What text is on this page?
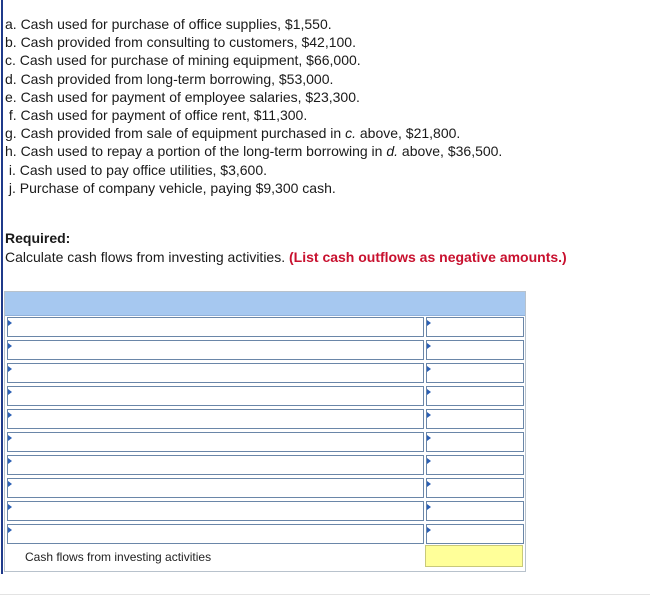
a. Cash used for purchase of office supplies, $1,550.
b. Cash provided from consulting to customers, $42,100.
c. Cash used for purchase of mining equipment, $66,000.
d. Cash provided from long-term borrowing, $53,000.
e. Cash used for payment of employee salaries, $23,300.
f. Cash used for payment of office rent, $11,300.
g. Cash provided from sale of equipment purchased in c. above, $21,800.
h. Cash used to repay a portion of the long-term borrowing in d. above, $36,500.
i. Cash used to pay office utilities, $3,600.
j. Purchase of company vehicle, paying $9,300 cash.
Required:
Calculate cash flows from investing activities. (List cash outflows as negative amounts.)
Cash flows from investing activities
